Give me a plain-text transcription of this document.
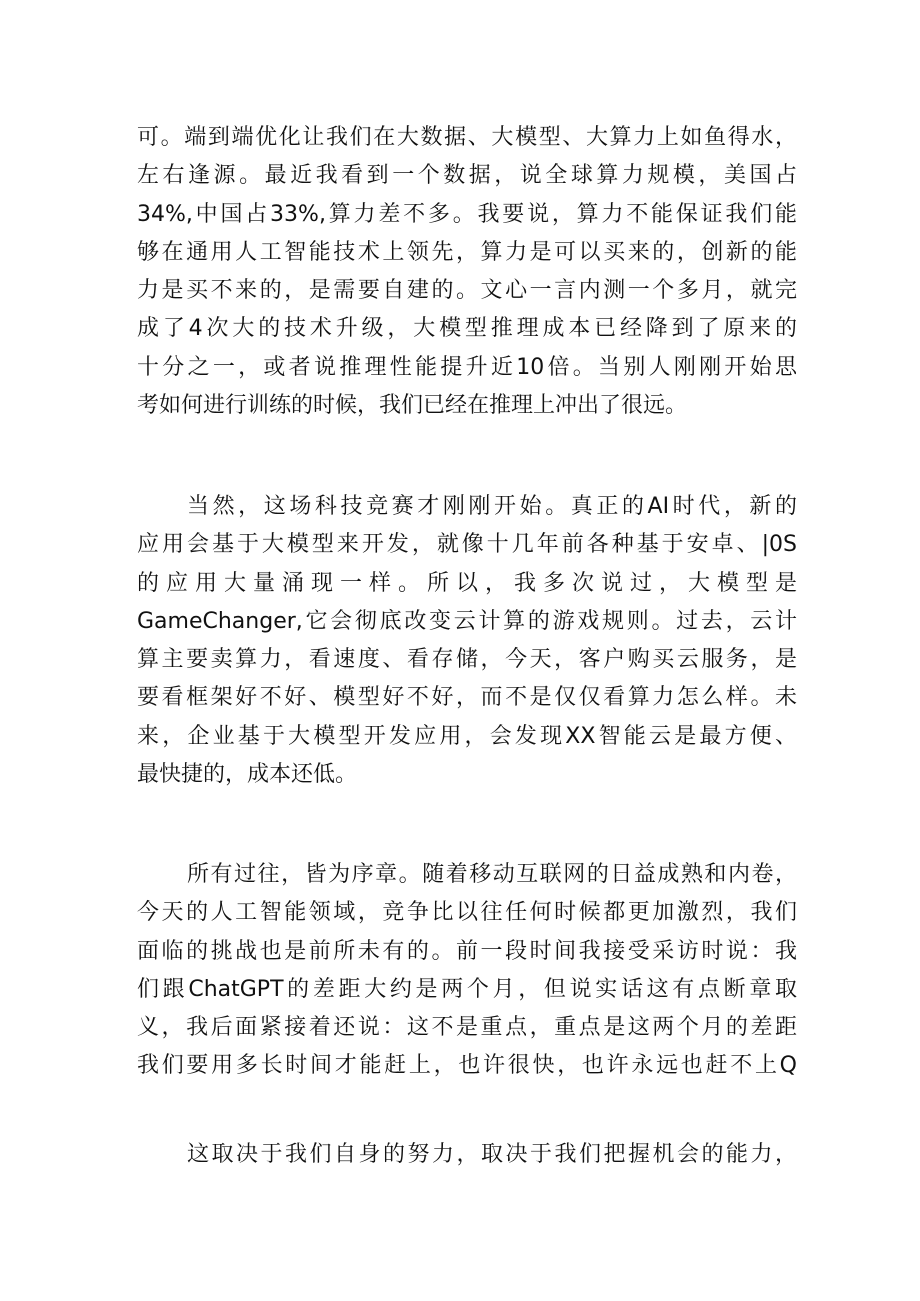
可。端到端优化让我们在大数据、大模型、大算力上如鱼得水，
左右逢源。最近我看到一个数据，说全球算力规模，美国占
34%,中国占33%,算力差不多。我要说，算力不能保证我们能
够在通用人工智能技术上领先，算力是可以买来的，创新的能
力是买不来的，是需要自建的。文心一言内测一个多月，就完
成了4次大的技术升级，大模型推理成本已经降到了原来的
十分之一，或者说推理性能提升近10倍。当别人刚刚开始思
考如何进行训练的时候，我们已经在推理上冲出了很远。
当然，这场科技竞赛才刚刚开始。真正的AI时代，新的
应用会基于大模型来开发，就像十几年前各种基于安卓、|0S
的应用大量涌现一样。所以，我多次说过，大模型是
GameChanger,它会彻底改变云计算的游戏规则。过去，云计
算主要卖算力，看速度、看存储，今天，客户购买云服务，是
要看框架好不好、模型好不好，而不是仅仅看算力怎么样。未
来，企业基于大模型开发应用，会发现XX智能云是最方便、
最快捷的，成本还低。
所有过往，皆为序章。随着移动互联网的日益成熟和内卷，
今天的人工智能领域，竞争比以往任何时候都更加激烈，我们
面临的挑战也是前所未有的。前一段时间我接受采访时说：我
们跟ChatGPT的差距大约是两个月，但说实话这有点断章取
义，我后面紧接着还说：这不是重点，重点是这两个月的差距
我们要用多长时间才能赶上，也许很快，也许永远也赶不上Q
这取决于我们自身的努力，取决于我们把握机会的能力，
